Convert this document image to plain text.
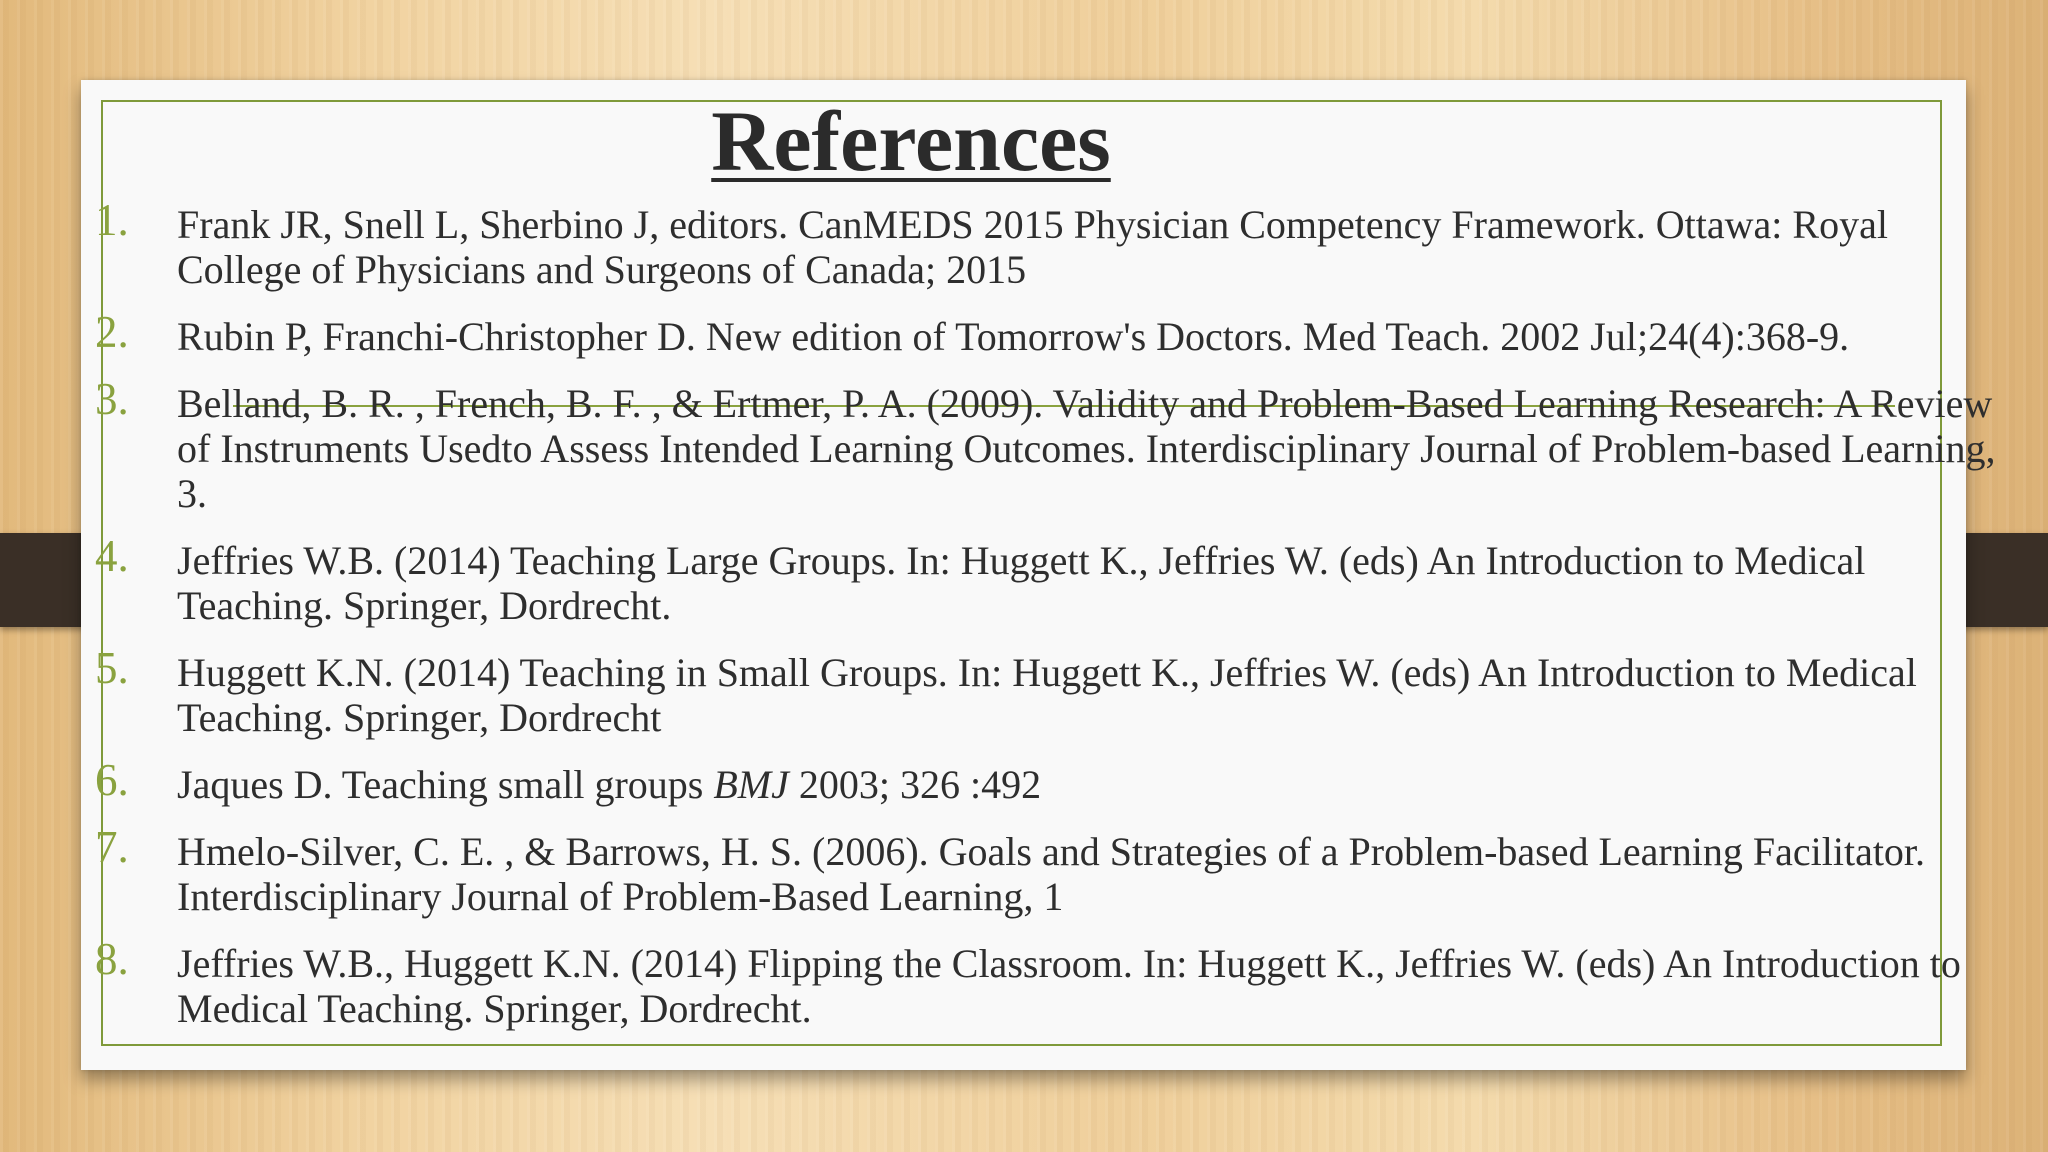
References
1. Frank JR, Snell L, Sherbino J, editors. CanMEDS 2015 Physician Competency Framework. Ottawa: Royal College of Physicians and Surgeons of Canada; 2015
2. Rubin P, Franchi-Christopher D. New edition of Tomorrow's Doctors. Med Teach. 2002 Jul;24(4):368-9.
3. Belland, B. R. , French, B. F. , & Ertmer, P. A. (2009). Validity and Problem-Based Learning Research: A Review of Instruments Usedto Assess Intended Learning Outcomes. Interdisciplinary Journal of Problem-based Learning, 3.
4. Jeffries W.B. (2014) Teaching Large Groups. In: Huggett K., Jeffries W. (eds) An Introduction to Medical Teaching. Springer, Dordrecht.
5. Huggett K.N. (2014) Teaching in Small Groups. In: Huggett K., Jeffries W. (eds) An Introduction to Medical Teaching. Springer, Dordrecht
6. Jaques D. Teaching small groups BMJ 2003; 326 :492
7. Hmelo-Silver, C. E. , & Barrows, H. S. (2006). Goals and Strategies of a Problem-based Learning Facilitator. Interdisciplinary Journal of Problem-Based Learning, 1
8. Jeffries W.B., Huggett K.N. (2014) Flipping the Classroom. In: Huggett K., Jeffries W. (eds) An Introduction to Medical Teaching. Springer, Dordrecht.
